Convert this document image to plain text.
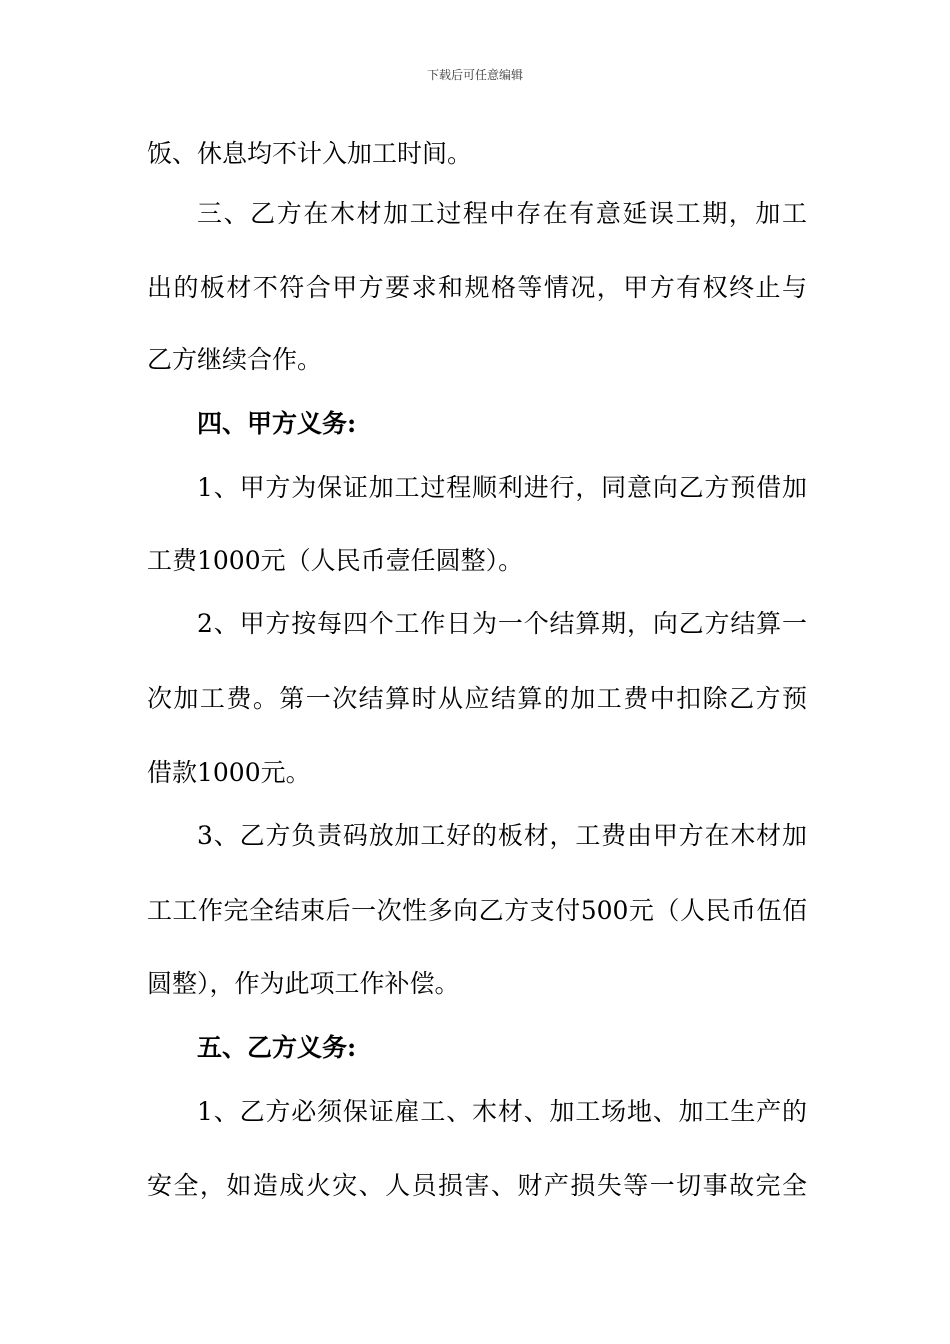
下载后可任意编辑
饭、休息均不计入加工时间。
三、乙方在木材加工过程中存在有意延误工期，加工
出的板材不符合甲方要求和规格等情况，甲方有权终止与
乙方继续合作。
四、甲方义务:
1、甲方为保证加工过程顺利进行，同意向乙方预借加
工费1000元（人民币壹任圆整）。
2、甲方按每四个工作日为一个结算期，向乙方结算一
次加工费。第一次结算时从应结算的加工费中扣除乙方预
借款1000元。
3、乙方负责码放加工好的板材，工费由甲方在木材加
工工作完全结束后一次性多向乙方支付500元（人民币伍佰
圆整），作为此项工作补偿。
五、乙方义务:
1、乙方必须保证雇工、木材、加工场地、加工生产的
安全，如造成火灾、人员损害、财产损失等一切事故完全
